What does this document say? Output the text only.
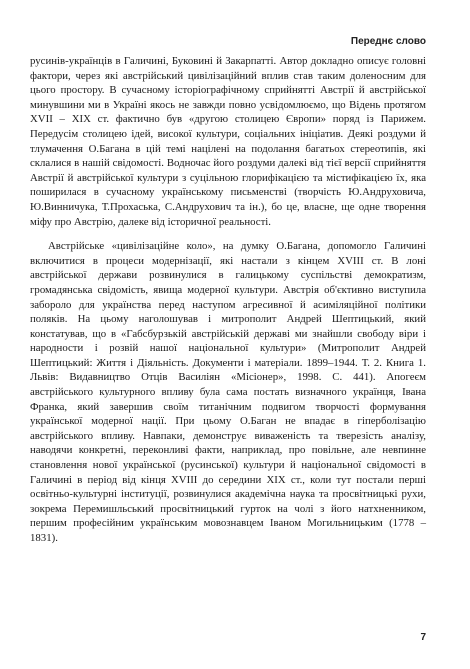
Переднє слово

русинів-українців в Галичині, Буковині й Закарпатті. Автор докладно описує головні фактори, через які австрійський цивілізаційний вплив став таким доленосним для цього простору. В сучасному історіографічному сприйнятті Австрії й австрійської минувшини ми в Україні якось не завжди повно усвідомлюємо, що Відень протягом XVII – XIX ст. фактично був «другою столицею Європи» поряд із Парижем. Передусім столицею ідей, високої культури, соціальних ініціатив. Деякі роздуми й тлумачення О.Багана в цій темі націлені на подолання багатьох стереотипів, які склалися в нашій свідомості. Водночас його роздуми далекі від тієї версії сприйняття Австрії й австрійської культури з суцільною глорифікацією та містифікацією їх, яка поширилася в сучасному українському письменстві (творчість Ю.Андруховича, Ю.Винничука, Т.Прохаська, С.Андрухович та ін.), бо це, власне, ще одне творення міфу про Австрію, далеке від історичної реальності.

Австрійське «цивілізаційне коло», на думку О.Багана, допомогло Галичині включитися в процеси модернізації, які настали з кінцем XVIII ст. В лоні австрійської держави розвинулися в галицькому суспільстві демократизм, громадянська свідомість, явища модерної культури. Австрія об'єктивно виступила забороло для українства перед наступом агресивної й асиміляційної політики поляків. На цьому наголошував і митрополит Андрей Шептицький, який констатував, що в «Габсбурзькій австрійській державі ми знайшли свободу віри і народности і розвій нашої національної культури» (Митрополит Андрей Шептицький: Життя і Діяльність. Документи і матеріали. 1899–1944. Т. 2. Книга 1. Львів: Видавництво Отців Василіян «Місіонер», 1998. С. 441). Апогеєм австрійського культурного впливу була сама постать визначного українця, Івана Франка, який завершив своїм титанічним подвигом творчості формування української модерної нації. При цьому О.Баган не впадає в гіперболізацію австрійського впливу. Навпаки, демонструє виваженість та тверезість аналізу, наводячи конкретні, переконливі факти, наприклад, про повільне, але невпинне становлення нової української (русинської) культури й національної свідомості в Галичині в період від кінця XVIII до середини XIX ст., коли тут постали перші освітньо-культурні інституції, розвинулися академічна наука та просвітницькі рухи, зокрема Перемишльський просвітницький гурток на чолі з його натхненником, першим професійним українським мовознавцем Іваном Могильницьким (1778 – 1831).

7
